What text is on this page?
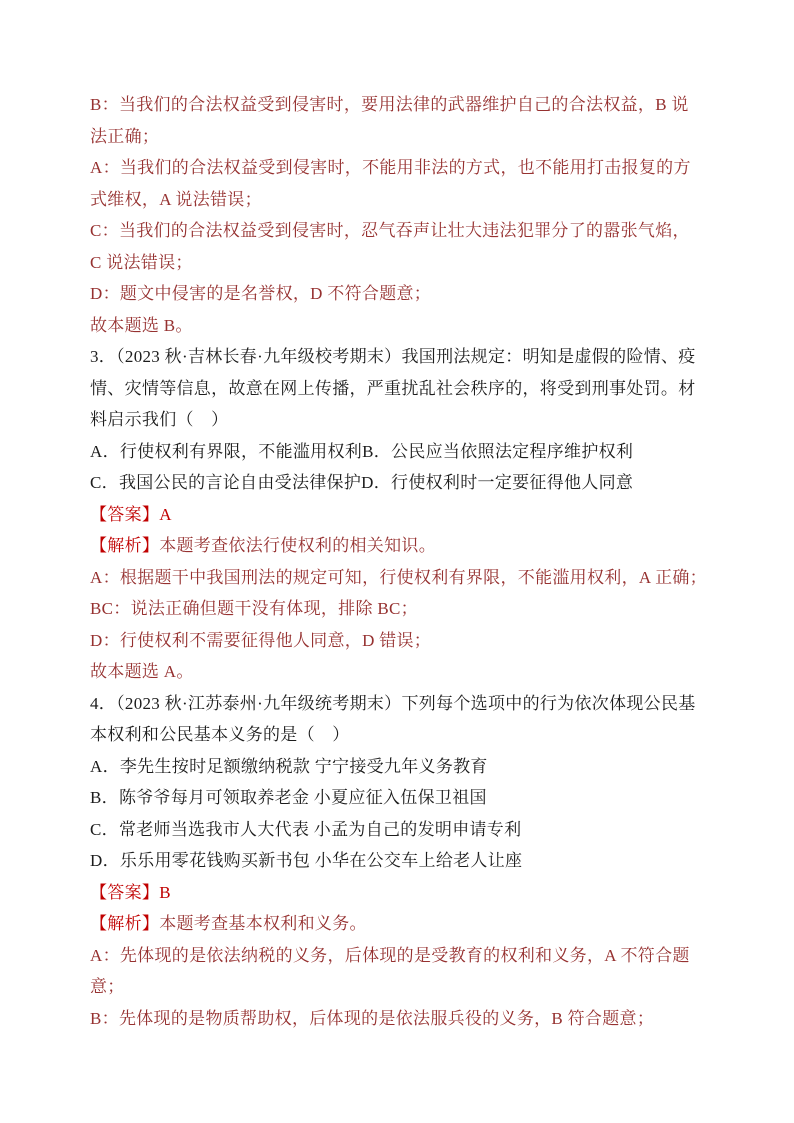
B：当我们的合法权益受到侵害时，要用法律的武器维护自己的合法权益，B 说
法正确；
A：当我们的合法权益受到侵害时，不能用非法的方式，也不能用打击报复的方
式维权，A 说法错误；
C：当我们的合法权益受到侵害时，忍气吞声让壮大违法犯罪分了的嚣张气焰，
C 说法错误；
D：题文中侵害的是名誉权，D 不符合题意；
故本题选 B。
3．（2023 秋·吉林长春·九年级校考期末）我国刑法规定：明知是虚假的险情、疫
情、灾情等信息，故意在网上传播，严重扰乱社会秩序的，将受到刑事处罚。材
料启示我们（　）
A．行使权利有界限，不能滥用权利B．公民应当依照法定程序维护权利
C．我国公民的言论自由受法律保护D．行使权利时一定要征得他人同意
【答案】A
【解析】本题考查依法行使权利的相关知识。
A：根据题干中我国刑法的规定可知，行使权利有界限，不能滥用权利，A 正确；
BC：说法正确但题干没有体现，排除 BC；
D：行使权利不需要征得他人同意，D 错误；
故本题选 A。
4．（2023 秋·江苏泰州·九年级统考期末）下列每个选项中的行为依次体现公民基
本权利和公民基本义务的是（　）
A．李先生按时足额缴纳税款 宁宁接受九年义务教育
B．陈爷爷每月可领取养老金 小夏应征入伍保卫祖国
C．常老师当选我市人大代表 小孟为自己的发明申请专利
D．乐乐用零花钱购买新书包 小华在公交车上给老人让座
【答案】B
【解析】本题考查基本权利和义务。
A：先体现的是依法纳税的义务，后体现的是受教育的权利和义务，A 不符合题
意；
B：先体现的是物质帮助权，后体现的是依法服兵役的义务，B 符合题意；
